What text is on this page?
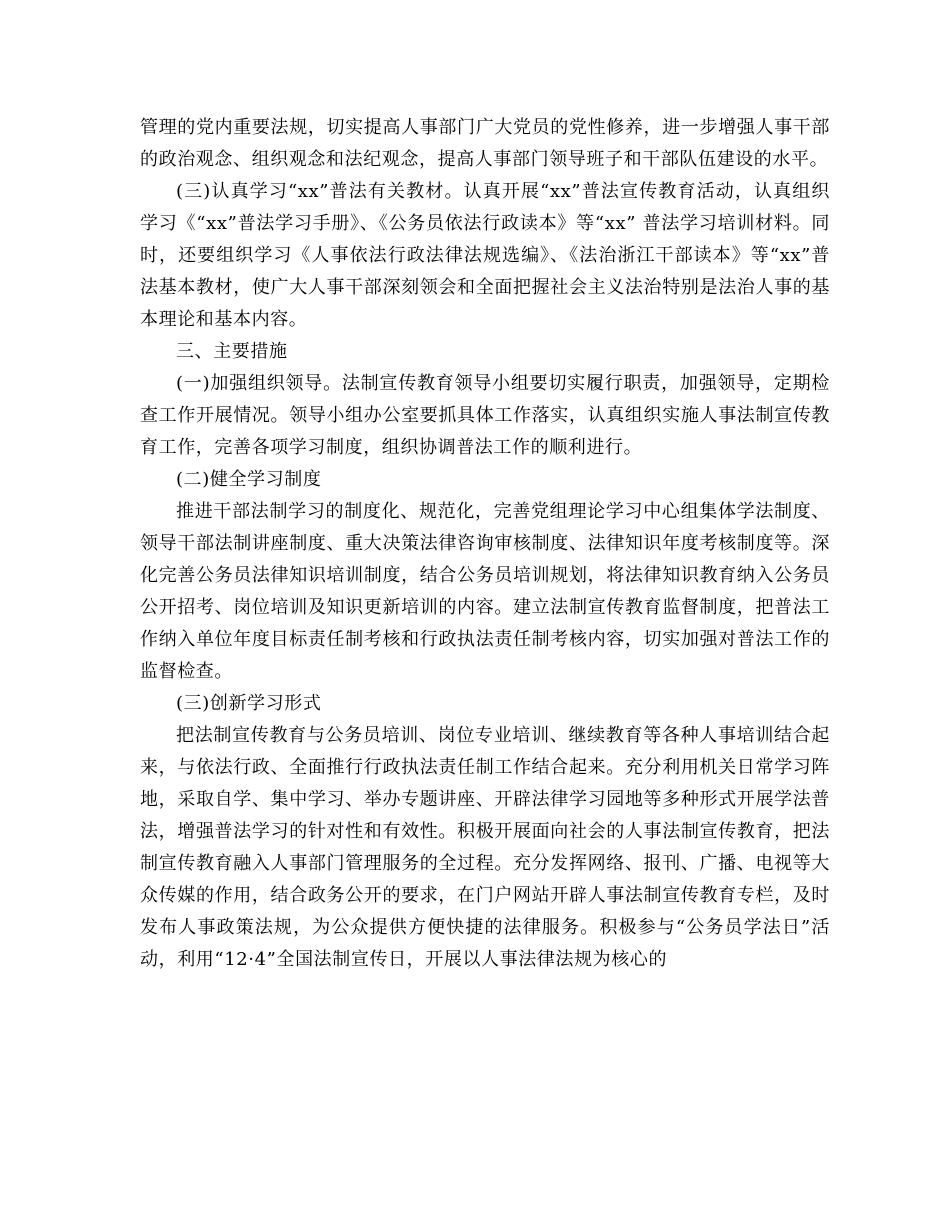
管理的党内重要法规，切实提高人事部门广大党员的党性修养，进一步增强人事干部的政治观念、组织观念和法纪观念，提高人事部门领导班子和干部队伍建设的水平。

(三)认真学习“xx”普法有关教材。认真开展“xx”普法宣传教育活动，认真组织学习《“xx”普法学习手册》、《公务员依法行政读本》等“xx” 普法学习培训材料。同时，还要组织学习《人事依法行政法律法规选编》、《法治浙江干部读本》等“xx”普法基本教材，使广大人事干部深刻领会和全面把握社会主义法治特别是法治人事的基本理论和基本内容。

三、主要措施

(一)加强组织领导。法制宣传教育领导小组要切实履行职责，加强领导，定期检查工作开展情况。领导小组办公室要抓具体工作落实，认真组织实施人事法制宣传教育工作，完善各项学习制度，组织协调普法工作的顺利进行。

(二)健全学习制度

推进干部法制学习的制度化、规范化，完善党组理论学习中心组集体学法制度、领导干部法制讲座制度、重大决策法律咨询审核制度、法律知识年度考核制度等。深化完善公务员法律知识培训制度，结合公务员培训规划，将法律知识教育纳入公务员公开招考、岗位培训及知识更新培训的内容。建立法制宣传教育监督制度，把普法工作纳入单位年度目标责任制考核和行政执法责任制考核内容，切实加强对普法工作的监督检查。

(三)创新学习形式

把法制宣传教育与公务员培训、岗位专业培训、继续教育等各种人事培训结合起来，与依法行政、全面推行行政执法责任制工作结合起来。充分利用机关日常学习阵地，采取自学、集中学习、举办专题讲座、开辟法律学习园地等多种形式开展学法普法，增强普法学习的针对性和有效性。积极开展面向社会的人事法制宣传教育，把法制宣传教育融入人事部门管理服务的全过程。充分发挥网络、报刊、广播、电视等大众传媒的作用，结合政务公开的要求，在门户网站开辟人事法制宣传教育专栏，及时发布人事政策法规，为公众提供方便快捷的法律服务。积极参与“公务员学法日”活动，利用“12·4”全国法制宣传日，开展以人事法律法规为核心的
